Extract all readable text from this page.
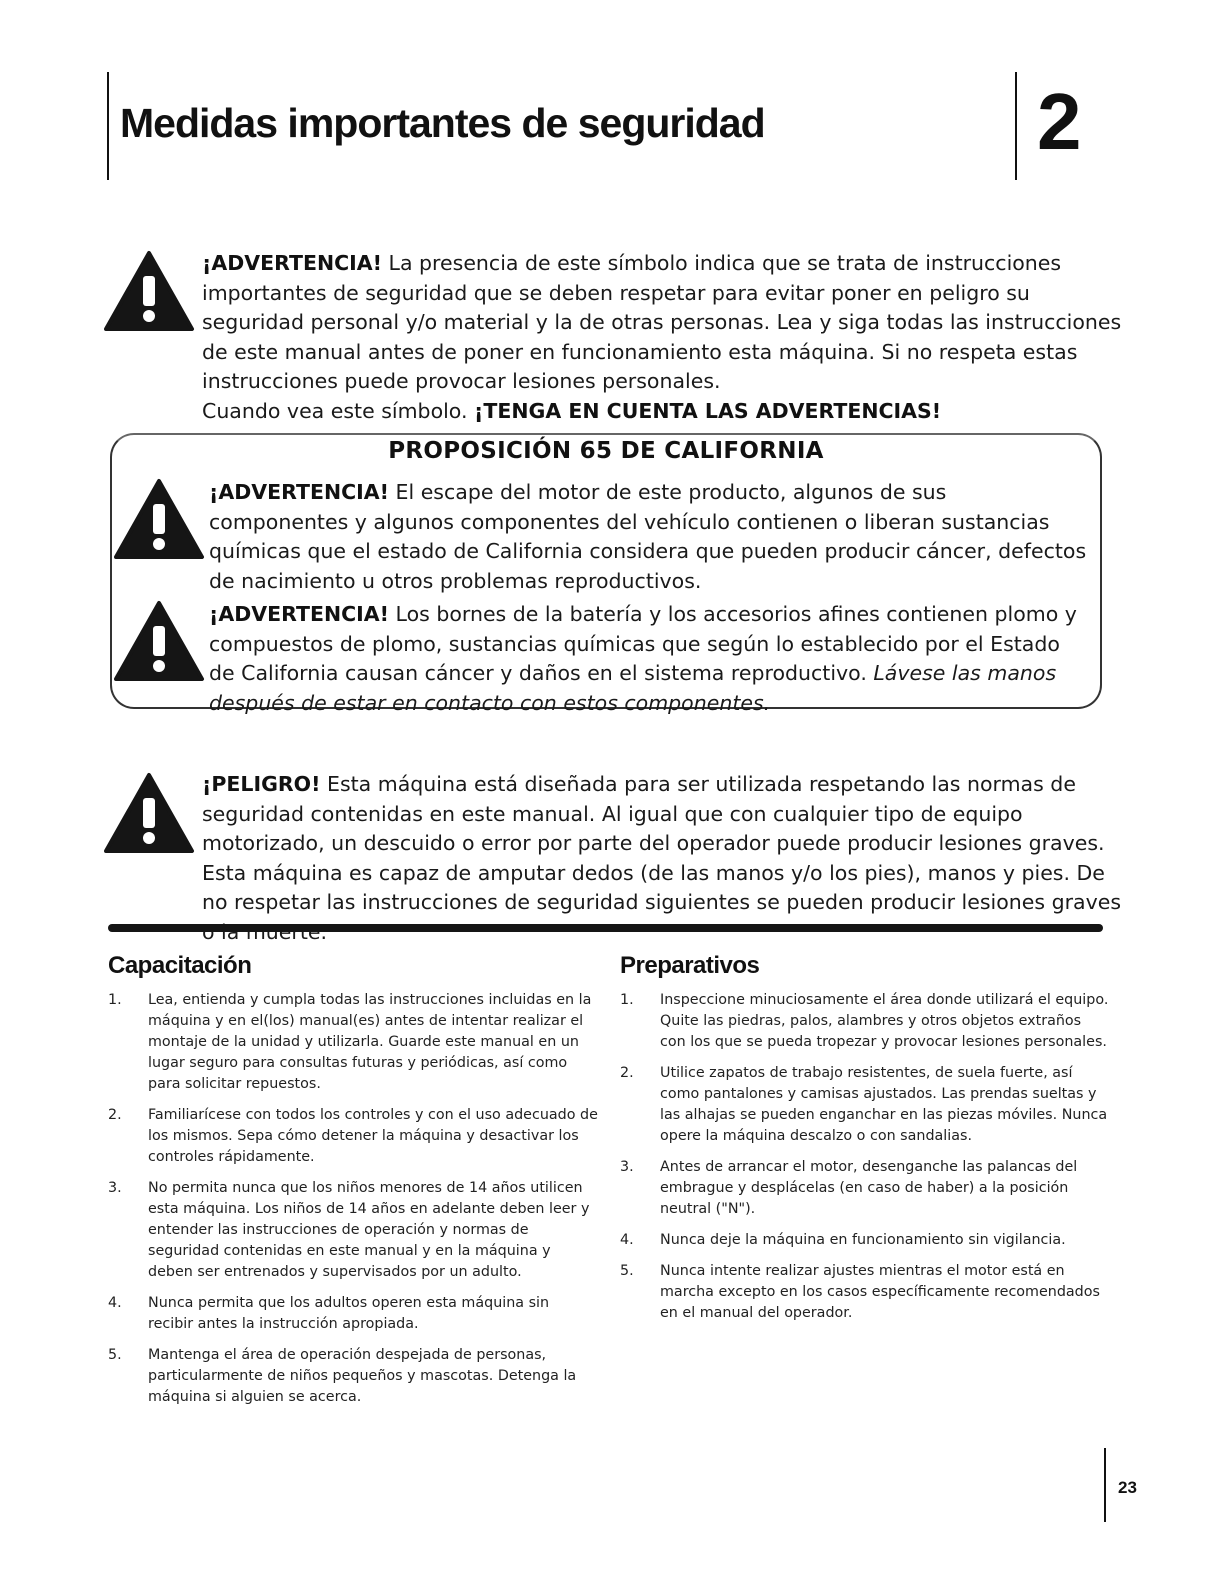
Medidas importantes de seguridad	2

¡ADVERTENCIA! La presencia de este símbolo indica que se trata de instrucciones importantes de seguridad que se deben respetar para evitar poner en peligro su seguridad personal y/o material y la de otras personas. Lea y siga todas las instrucciones de este manual antes de poner en funcionamiento esta máquina. Si no respeta estas instrucciones puede provocar lesiones personales.
Cuando vea este símbolo. ¡TENGA EN CUENTA LAS ADVERTENCIAS!

PROPOSICIÓN 65 DE CALIFORNIA

¡ADVERTENCIA! El escape del motor de este producto, algunos de sus componentes y algunos componentes del vehículo contienen o liberan sustancias químicas que el estado de California considera que pueden producir cáncer, defectos de nacimiento u otros problemas reproductivos.

¡ADVERTENCIA! Los bornes de la batería y los accesorios afines contienen plomo y compuestos de plomo, sustancias químicas que según lo establecido por el Estado de California causan cáncer y daños en el sistema reproductivo. Lávese las manos después de estar en contacto con estos componentes.

¡PELIGRO! Esta máquina está diseñada para ser utilizada respetando las normas de seguridad contenidas en este manual. Al igual que con cualquier tipo de equipo motorizado, un descuido o error por parte del operador puede producir lesiones graves. Esta máquina es capaz de amputar dedos (de las manos y/o los pies), manos y pies. De no respetar las instrucciones de seguridad siguientes se pueden producir lesiones graves

Capacitación
1. Lea, entienda y cumpla todas las instrucciones incluidas en la máquina y en el(los) manual(es) antes de intentar realizar el montaje de la unidad y utilizarla. Guarde este manual en un lugar seguro para consultas futuras y periódicas, así como para solicitar repuestos.
2. Familiarícese con todos los controles y con el uso adecuado de los mismos. Sepa cómo detener la máquina y desactivar los controles rápidamente.
3. No permita nunca que los niños menores de 14 años utilicen esta máquina. Los niños de 14 años en adelante deben leer y entender las instrucciones de operación y normas de seguridad contenidas en este manual y en la máquina y deben ser entrenados y supervisados por un adulto.
4. Nunca permita que los adultos operen esta máquina sin recibir antes la instrucción apropiada.
5. Mantenga el área de operación despejada de personas, particularmente de niños pequeños y mascotas. Detenga la máquina si alguien se acerca.
Preparativos
1. Inspeccione minuciosamente el área donde utilizará el equipo. Quite las piedras, palos, alambres y otros objetos extraños con los que se pueda tropezar y provocar lesiones personales.
2. Utilice zapatos de trabajo resistentes, de suela fuerte, así como pantalones y camisas ajustados. Las prendas sueltas y las alhajas se pueden enganchar en las piezas móviles. Nunca opere la máquina descalzo o con sandalias.
3. Antes de arrancar el motor, desenganche las palancas del embrague y desplácelas (en caso de haber) a la posición neutral ("N").
4. Nunca deje la máquina en funcionamiento sin vigilancia.
5. Nunca intente realizar ajustes mientras el motor está en marcha excepto en los casos específicamente recomendados en el manual del operador.
23
